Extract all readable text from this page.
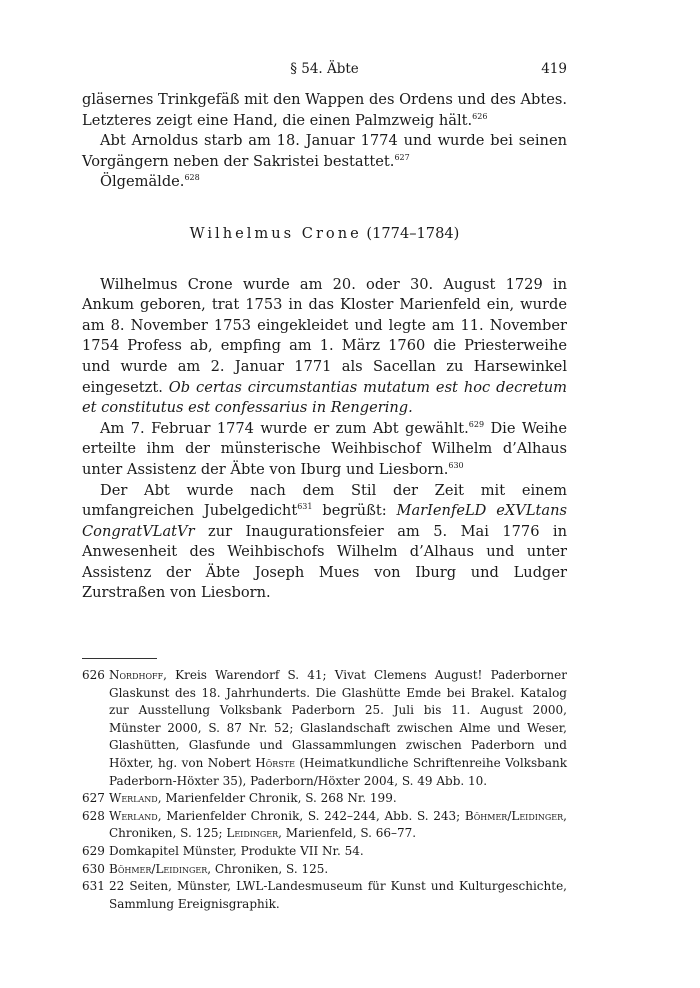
§ 54. Äbte	419

gläsernes Trinkgefäß mit den Wappen des Ordens und des Abtes. Letzteres zeigt eine Hand, die einen Palmzweig hält.$^{626}$

Abt Arnoldus starb am 18. Januar 1774 und wurde bei seinen Vorgängern neben der Sakristei bestattet.$^{627}$

Ölgemälde.$^{628}$

Wilhelmus Crone (1774–1784)

Wilhelmus Crone wurde am 20. oder 30. August 1729 in Ankum geboren, trat 1753 in das Kloster Marienfeld ein, wurde am 8. November 1753 eingekleidet und legte am 11. November 1754 Profess ab, empfing am 1. März 1760 die Priesterweihe und wurde am 2. Januar 1771 als Sacellan zu Harsewinkel eingesetzt. Ob certas circumstantias mutatum est hoc decretum et constitutus est confessarius in Rengering.

Am 7. Februar 1774 wurde er zum Abt gewählt.$^{629}$ Die Weihe erteilte ihm der münsterische Weihbischof Wilhelm d’Alhaus unter Assistenz der Äbte von Iburg und Liesborn.$^{630}$

Der Abt wurde nach dem Stil der Zeit mit einem umfangreichen Jubelgedicht$^{631}$ begrüßt: MarIenfeLD eXVLtans CongratVLatVr zur Inaugurationsfeier am 5. Mai 1776 in Anwesenheit des Weihbischofs Wilhelm d’Alhaus und unter Assistenz der Äbte Joseph Mues von Iburg und Ludger Zurstraßen von Liesborn.

626 Nordhoff, Kreis Warendorf S. 41; Vivat Clemens August! Paderborner Glaskunst des 18. Jahrhunderts. Die Glashütte Emde bei Brakel. Katalog zur Ausstellung Volksbank Paderborn 25. Juli bis 11. August 2000, Münster 2000, S. 87 Nr. 52; Glaslandschaft zwischen Alme und Weser, Glashütten, Glasfunde und Glassammlungen zwischen Paderborn und Höxter, hg. von Nobert Hörste (Heimatkundliche Schriftenreihe Volksbank Paderborn-Höxter 35), Paderborn/Höxter 2004, S. 49 Abb. 10.
627 Werland, Marienfelder Chronik, S. 268 Nr. 199.
628 Werland, Marienfelder Chronik, S. 242–244, Abb. S. 243; Böhmer/Leidinger, Chroniken, S. 125; Leidinger, Marienfeld, S. 66–77.
629 Domkapitel Münster, Produkte VII Nr. 54.
630 Böhmer/Leidinger, Chroniken, S. 125.
631 22 Seiten, Münster, LWL-Landesmuseum für Kunst und Kulturgeschichte, Sammlung Ereignisgraphik.
